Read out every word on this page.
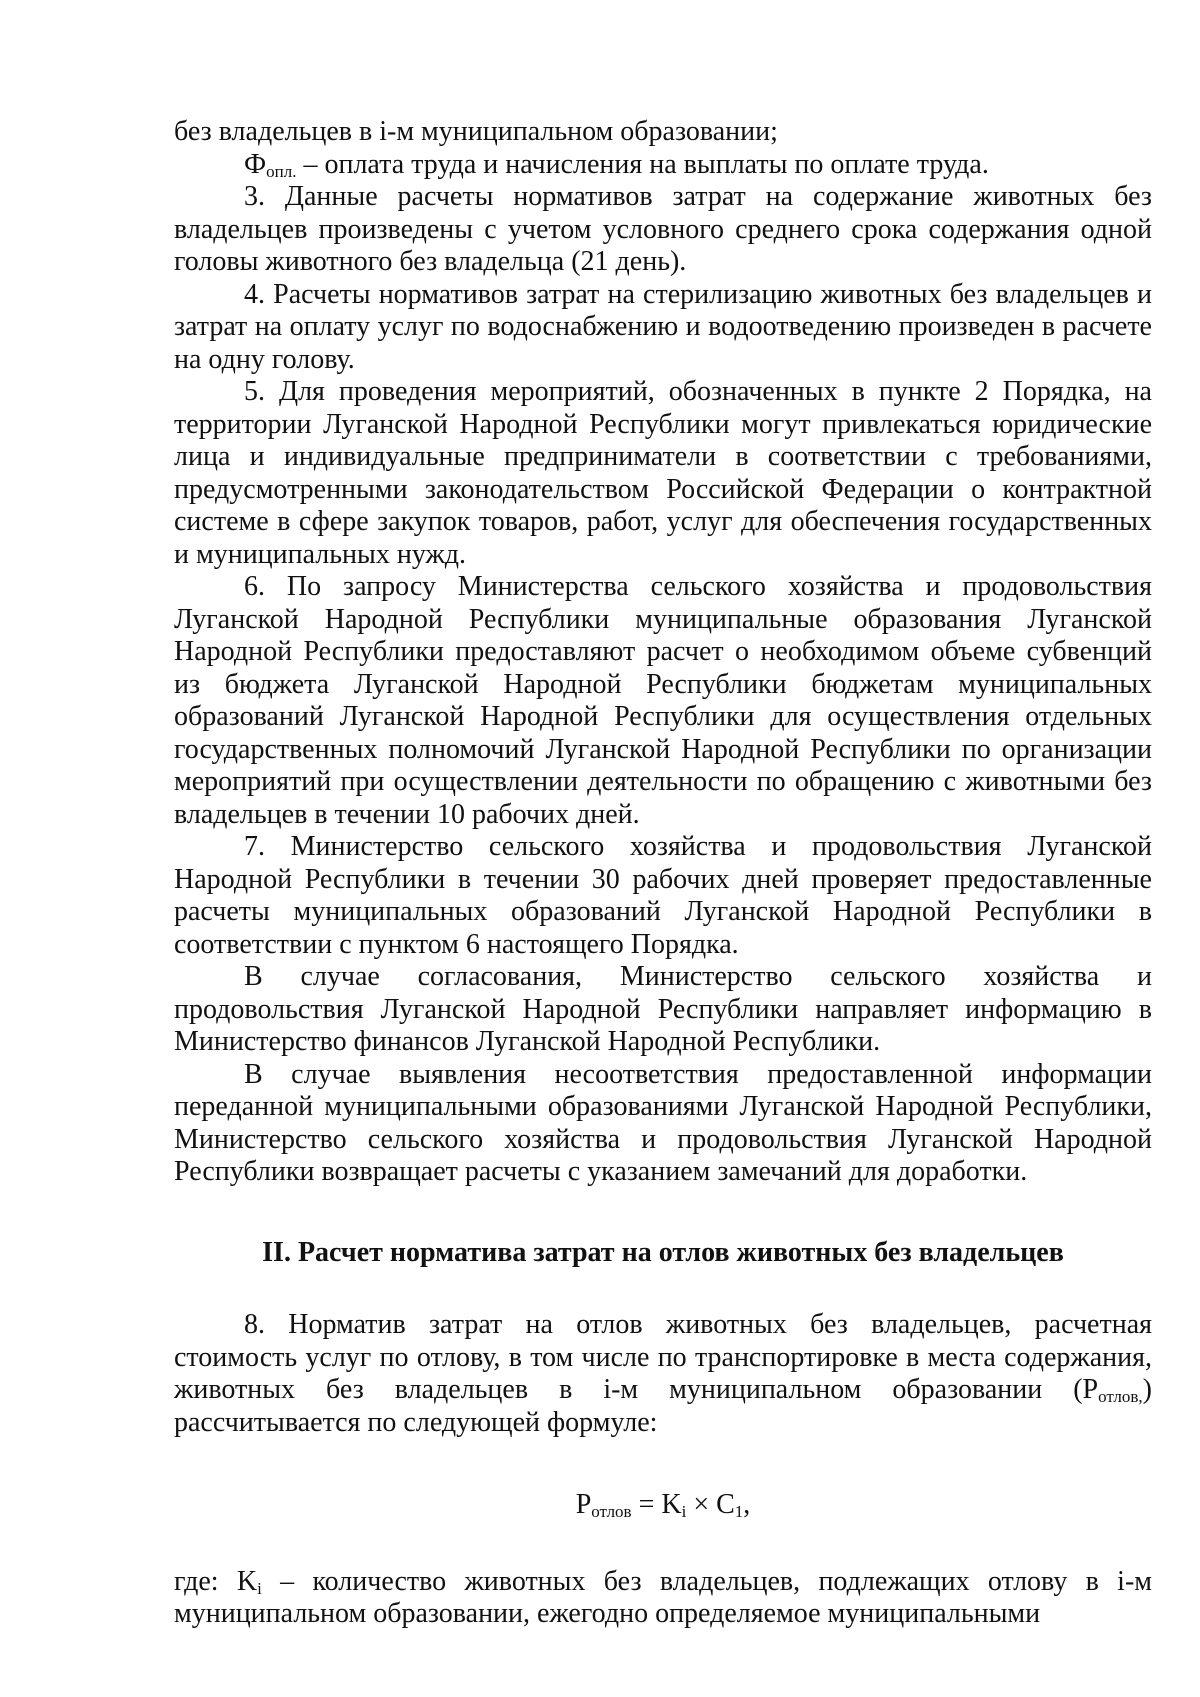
без владельцев в i-м муниципальном образовании;

$Ф_{опл.}$ – оплата труда и начисления на выплаты по оплате труда.

3. Данные расчеты нормативов затрат на содержание животных без владельцев произведены с учетом условного среднего срока содержания одной головы животного без владельца (21 день).

4. Расчеты нормативов затрат на стерилизацию животных без владельцев и затрат на оплату услуг по водоснабжению и водоотведению произведен в расчете на одну голову.

5. Для проведения мероприятий, обозначенных в пункте 2 Порядка, на территории Луганской Народной Республики могут привлекаться юридические лица и индивидуальные предприниматели в соответствии с требованиями, предусмотренными законодательством Российской Федерации о контрактной системе в сфере закупок товаров, работ, услуг для обеспечения государственных и муниципальных нужд.

6. По запросу Министерства сельского хозяйства и продовольствия Луганской Народной Республики муниципальные образования Луганской Народной Республики предоставляют расчет о необходимом объеме субвенций из бюджета Луганской Народной Республики бюджетам муниципальных образований Луганской Народной Республики для осуществления отдельных государственных полномочий Луганской Народной Республики по организации мероприятий при осуществлении деятельности по обращению с животными без владельцев в течении 10 рабочих дней.

7. Министерство сельского хозяйства и продовольствия Луганской Народной Республики в течении 30 рабочих дней проверяет предоставленные расчеты муниципальных образований Луганской Народной Республики в соответствии с пунктом 6 настоящего Порядка.

В случае согласования, Министерство сельского хозяйства и продовольствия Луганской Народной Республики направляет информацию в Министерство финансов Луганской Народной Республики.

В случае выявления несоответствия предоставленной информации переданной муниципальными образованиями Луганской Народной Республики, Министерство сельского хозяйства и продовольствия Луганской Народной Республики возвращает расчеты с указанием замечаний для доработки.

II. Расчет норматива затрат на отлов животных без владельцев

8. Норматив затрат на отлов животных без владельцев, расчетная стоимость услуг по отлову, в том числе по транспортировке в места содержания, животных без владельцев в i-м муниципальном образовании $(Р_{отлов,})$ рассчитывается по следующей формуле:

$Р_{отлов} = K_i \times C_1$,

где: $K_i$ – количество животных без владельцев, подлежащих отлову в i-м муниципальном образовании, ежегодно определяемое муниципальными
